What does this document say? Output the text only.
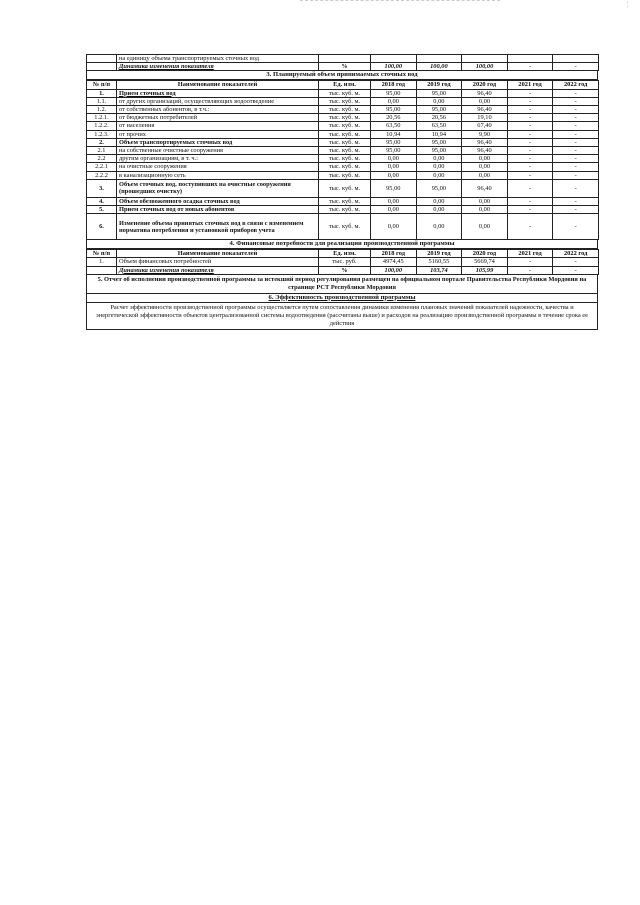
¦
	на единицу объема транспортируемых сточных вод						
	Динамика изменения показателя	%	100,00	100,00	100,00	-	-
3. Планируемый объем принимаемых сточных вод
№ п/п	Наименование показателей	Ед. изм.	2018 год	2019 год	2020 год	2021 год	2022 год
1.	Прием сточных вод	тыс. куб. м.	95,00	95,00	96,40	-	-
1.1.	от других организаций, осуществляющих водоотведение	тыс. куб. м.	0,00	0,00	0,00	-	-
1.2.	от собственных абонентов, в т.ч.:	тыс. куб. м.	95,00	95,00	96,40	-	-
1.2.1.	от бюджетных потребителей	тыс. куб. м.	20,56	20,56	19,10	-	-
1.2.2.	от населения	тыс. куб. м.	63,50	63,50	67,40	-	-
1.2.3.	от прочих	тыс. куб. м.	10,94	10,94	9,90	-	-
2.	Объем транспортируемых сточных вод	тыс. куб. м.	95,00	95,00	96,40	-	-
2.1	на собственные очистные сооружения	тыс. куб. м.	95,00	95,00	96,40	-	-
2.2	другим организациям, в т. ч.:	тыс. куб. м.	0,00	0,00	0,00	-	-
2.2.1	на очистные сооружения	тыс. куб. м.	0,00	0,00	0,00	-	-
2.2.2	в канализационную сеть	тыс. куб. м.	0,00	0,00	0,00	-	-
3.	Объем сточных вод, поступивших на очистные сооружения (прошедших очистку)	тыс. куб. м.	95,00	95,00	96,40	-	-
4.	Объем обезвоженного осадка сточных вод	тыс. куб. м.	0,00	0,00	0,00	-	-
5.	Прием сточных вод от новых абонентов	тыс. куб. м.	0,00	0,00	0,00	-	-
6.	Изменение объема принятых сточных вод в связи с изменением норматива потребления и установкой приборов учета	тыс. куб. м.	0,00	0,00	0,00	-	-
4. Финансовые потребности для реализации производственной программы
№ п/п	Наименование показателей	Ед. изм.	2018 год	2019 год	2020 год	2021 год	2022 год
1.	Объем финансовых потребностей	тыс. руб.	4974,45	5160,55	5669,74	-	-
	Динамика изменения показателя	%	100,00	103,74	105,99	-	-
5. Отчет об исполнении производственной программы за истекший период регулирования размещен на официальном портале Правительства Республики Мордовия на странице РСТ Республики Мордовия
6. Эффективность производственной программы
Расчет эффективности производственной программы осуществляется путем сопоставления динамики изменения плановых значений показателей надежности, качества и энергетической эффективности объектов централизованной системы водоотведения (рассчитаны выше) и расходов на реализацию производственной программы в течение срока ее действия
